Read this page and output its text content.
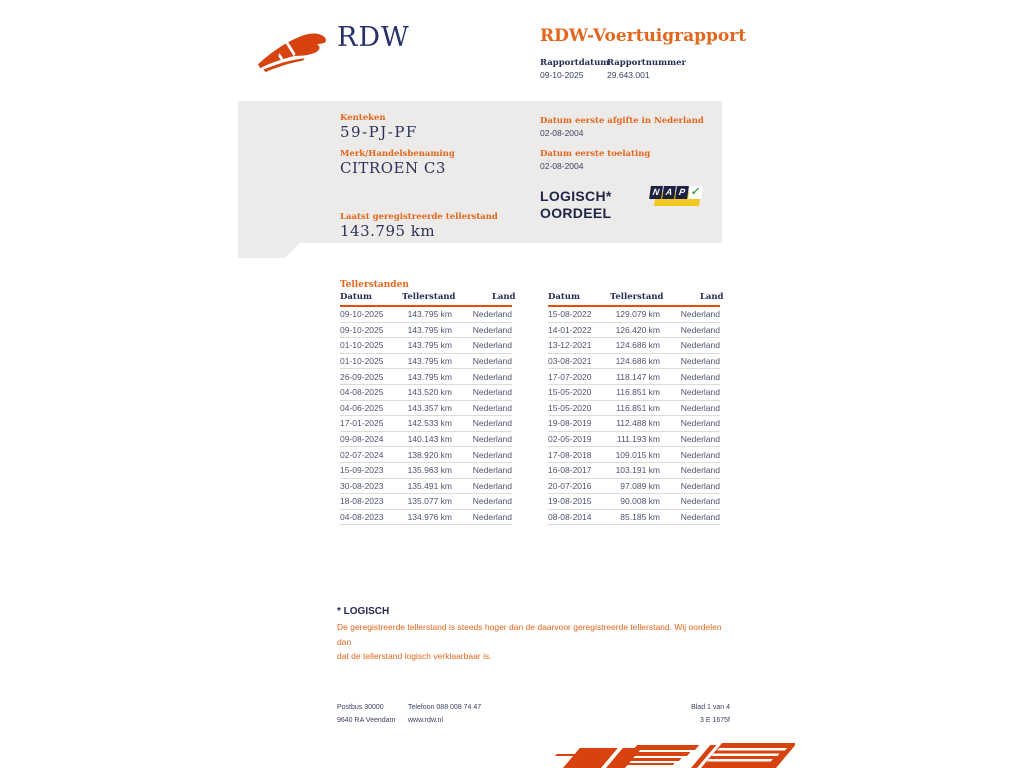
RDW	RDW-Voertuigrapport
Rapportdatum
Rapportnummer
09-10-2025	29.643.001
Kenteken
59-PJ-PF
Merk/Handelsbenaming
CITROEN C3
Laatst geregistreerde tellerstand
143.795 km
Datum eerste afgifte in Nederland
02-08-2004
Datum eerste toelating
02-08-2004
LOGISCH*
OORDEEL
N A P ✓
Tellerstanden
Datum	Tellerstand	Land
09-10-2025	143.795 km	Nederland
09-10-2025	143.795 km	Nederland
01-10-2025	143.795 km	Nederland
01-10-2025	143.795 km	Nederland
26-09-2025	143.795 km	Nederland
04-08-2025	143.520 km	Nederland
04-06-2025	143.357 km	Nederland
17-01-2025	142.533 km	Nederland
09-08-2024	140.143 km	Nederland
02-07-2024	138.920 km	Nederland
15-09-2023	135.963 km	Nederland
30-08-2023	135.491 km	Nederland
18-08-2023	135.077 km	Nederland
04-08-2023	134.976 km	Nederland
Datum	Tellerstand	Land
15-08-2022	129.079 km	Nederland
14-01-2022	126.420 km	Nederland
13-12-2021	124.686 km	Nederland
03-08-2021	124.686 km	Nederland
17-07-2020	118.147 km	Nederland
15-05-2020	116.851 km	Nederland
15-05-2020	116.851 km	Nederland
19-08-2019	112.488 km	Nederland
02-05-2019	111.193 km	Nederland
17-08-2018	109.015 km	Nederland
16-08-2017	103.191 km	Nederland
20-07-2016	97.089 km	Nederland
19-08-2015	90.008 km	Nederland
08-08-2014	85.185 km	Nederland
* LOGISCH
De geregistreerde tellerstand is steeds hoger dan de daarvoor geregistreerde tellerstand. Wij oordelen dan
dat de tellerstand logisch verklaarbaar is.
Postbus 30000
9640 RA Veendam
Telefoon 088 008 74 47
www.rdw.nl
Blad 1 van 4
3 E 1675f
